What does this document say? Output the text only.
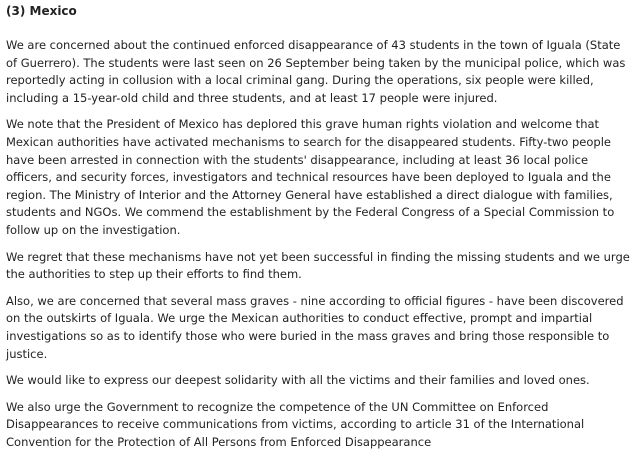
(3) Mexico

We are concerned about the continued enforced disappearance of 43 students in the town of Iguala (State of Guerrero). The students were last seen on 26 September being taken by the municipal police, which was reportedly acting in collusion with a local criminal gang. During the operations, six people were killed, including a 15-year-old child and three students, and at least 17 people were injured.

We note that the President of Mexico has deplored this grave human rights violation and welcome that Mexican authorities have activated mechanisms to search for the disappeared students. Fifty-two people have been arrested in connection with the students' disappearance, including at least 36 local police officers, and security forces, investigators and technical resources have been deployed to Iguala and the region. The Ministry of Interior and the Attorney General have established a direct dialogue with families, students and NGOs. We commend the establishment by the Federal Congress of a Special Commission to follow up on the investigation.

We regret that these mechanisms have not yet been successful in finding the missing students and we urge the authorities to step up their efforts to find them.

Also, we are concerned that several mass graves - nine according to official figures - have been discovered on the outskirts of Iguala. We urge the Mexican authorities to conduct effective, prompt and impartial investigations so as to identify those who were buried in the mass graves and bring those responsible to justice.

We would like to express our deepest solidarity with all the victims and their families and loved ones.

We also urge the Government to recognize the competence of the UN Committee on Enforced Disappearances to receive communications from victims, according to article 31 of the International Convention for the Protection of All Persons from Enforced Disappearance
